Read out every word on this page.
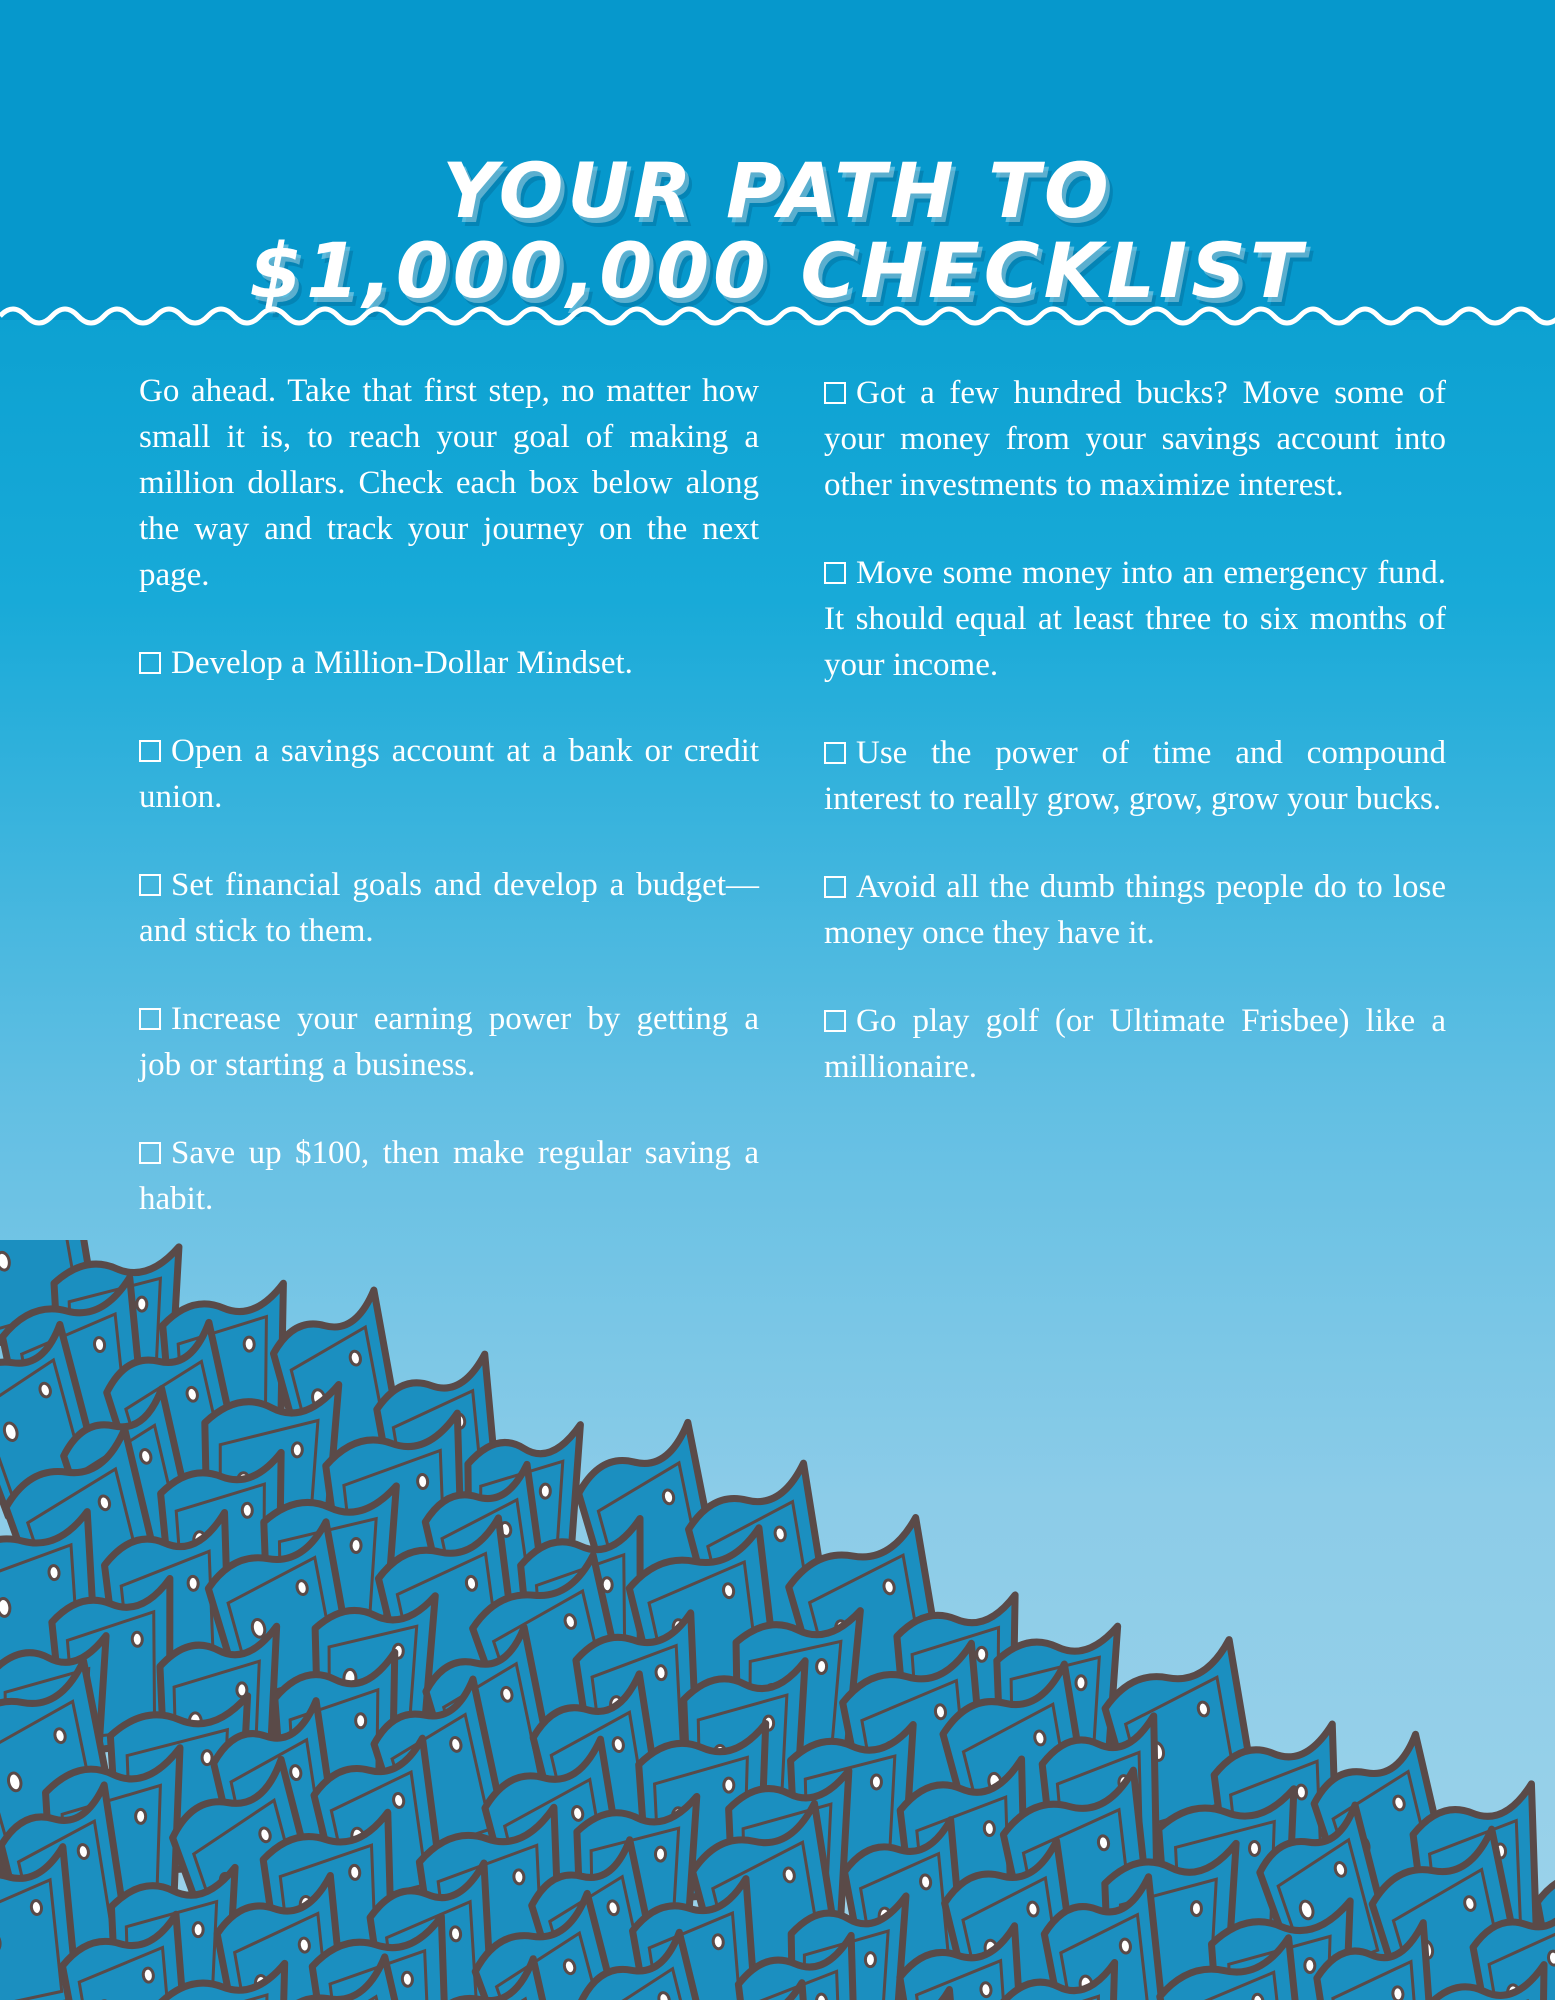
YOUR PATH TO
$1,000,000 CHECKLIST

Go ahead. Take that first step, no matter how small it is, to reach your goal of making a million dollars. Check each box below along the way and track your journey on the next page.

Develop a Million-Dollar Mindset.
Open a savings account at a bank or credit union.
Set financial goals and develop a budget—and stick to them.
Increase your earning power by getting a job or starting a business.
Save up $100, then make regular saving a habit.
Got a few hundred bucks? Move some of your money from your savings account into other investments to maximize interest.
Move some money into an emergency fund. It should equal at least three to six months of your income.
Use the power of time and compound interest to really grow, grow, grow your bucks.
Avoid all the dumb things people do to lose money once they have it.
Go play golf (or Ultimate Frisbee) like a millionaire.
